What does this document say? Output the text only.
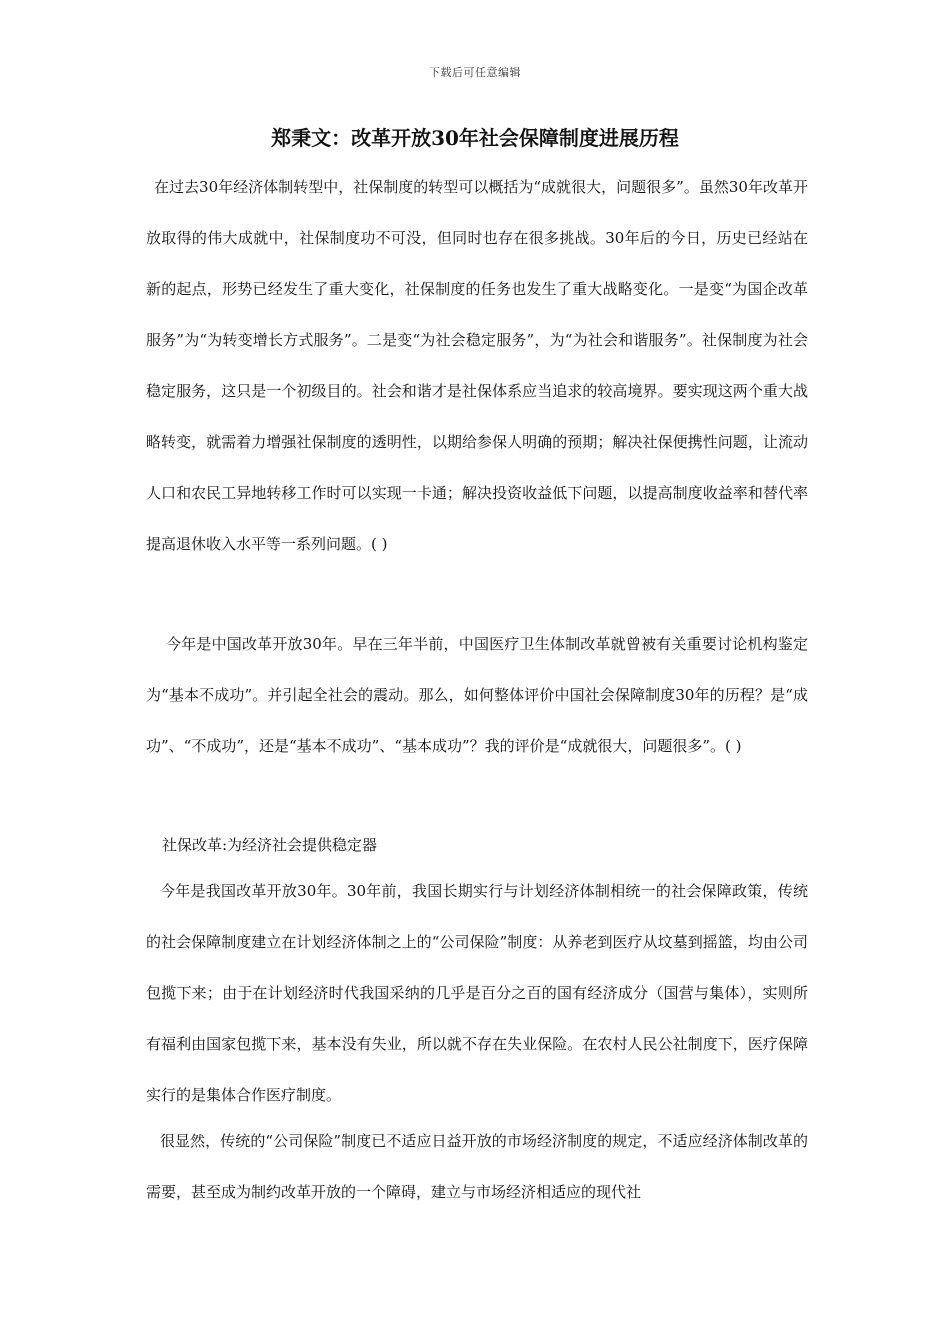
下载后可任意编辑
郑秉文：改革开放30年社会保障制度进展历程

在过去30年经济体制转型中，社保制度的转型可以概括为“成就很大，问题很多”。虽然30年改革开放取得的伟大成就中，社保制度功不可没，但同时也存在很多挑战。30年后的今日，历史已经站在新的起点，形势已经发生了重大变化，社保制度的任务也发生了重大战略变化。一是变“为国企改革服务”为“为转变增长方式服务”。二是变“为社会稳定服务”，为“为社会和谐服务”。社保制度为社会稳定服务，这只是一个初级目的。社会和谐才是社保体系应当追求的较高境界。要实现这两个重大战略转变，就需着力增强社保制度的透明性，以期给参保人明确的预期；解决社保便携性问题，让流动人口和农民工异地转移工作时可以实现一卡通；解决投资收益低下问题，以提高制度收益率和替代率提高退休收入水平等一系列问题。( )

今年是中国改革开放30年。早在三年半前，中国医疗卫生体制改革就曾被有关重要讨论机构鉴定为“基本不成功”。并引起全社会的震动。那么，如何整体评价中国社会保障制度30年的历程？是“成功”、“不成功”，还是“基本不成功”、“基本成功”？我的评价是“成就很大，问题很多”。( )

社保改革:为经济社会提供稳定器

今年是我国改革开放30年。30年前，我国长期实行与计划经济体制相统一的社会保障政策，传统的社会保障制度建立在计划经济体制之上的“公司保险”制度：从养老到医疗从坟墓到摇篮，均由公司包揽下来；由于在计划经济时代我国采纳的几乎是百分之百的国有经济成分（国营与集体），实则所有福利由国家包揽下来，基本没有失业，所以就不存在失业保险。在农村人民公社制度下，医疗保障实行的是集体合作医疗制度。

很显然，传统的“公司保险”制度已不适应日益开放的市场经济制度的规定，不适应经济体制改革的需要，甚至成为制约改革开放的一个障碍，建立与市场经济相适应的现代社
